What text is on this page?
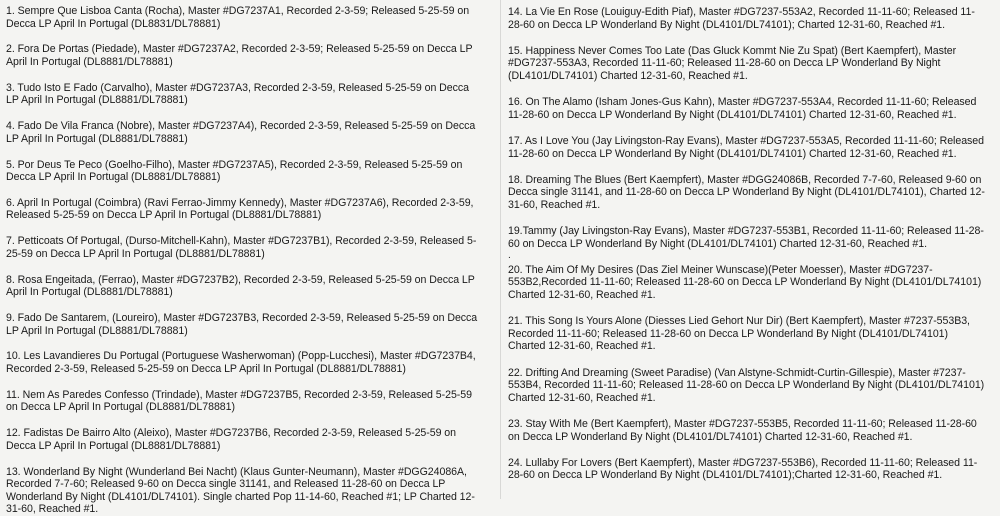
1. Sempre Que Lisboa Canta (Rocha), Master #DG7237A1, Recorded 2-3-59; Released 5-25-59 on Decca LP April In Portugal (DL8831/DL78881)

2. Fora De Portas (Piedade), Master #DG7237A2, Recorded 2-3-59; Released 5-25-59 on Decca LP April In Portugal (DL8881/DL78881)

3. Tudo Isto E Fado (Carvalho), Master #DG7237A3, Recorded 2-3-59, Released 5-25-59 on Decca LP April In Portugal (DL8881/DL78881)

4. Fado De Vila Franca (Nobre), Master #DG7237A4), Recorded 2-3-59, Released 5-25-59 on Decca LP April In Portugal (DL8881/DL78881)

5. Por Deus Te Peco (Goelho-Filho), Master #DG7237A5), Recorded 2-3-59, Released 5-25-59 on Decca LP April In Portugal (DL8881/DL78881)

6. April In Portugal (Coimbra) (Ravi Ferrao-Jimmy Kennedy), Master #DG7237A6), Recorded 2-3-59, Released 5-25-59 on Decca LP April In Portugal (DL8881/DL78881)

7. Petticoats Of Portugal, (Durso-Mitchell-Kahn), Master #DG7237B1), Recorded 2-3-59, Released 5-25-59 on Decca LP April In Portugal (DL8881/DL78881)

8. Rosa Engeitada, (Ferrao), Master #DG7237B2), Recorded 2-3-59, Released 5-25-59 on Decca LP April In Portugal (DL8881/DL78881)

9. Fado De Santarem, (Loureiro), Master #DG7237B3, Recorded 2-3-59, Released 5-25-59 on Decca LP April In Portugal (DL8881/DL78881)

10. Les Lavandieres Du Portugal (Portuguese Washerwoman) (Popp-Lucchesi), Master #DG7237B4, Recorded 2-3-59, Released 5-25-59 on Decca LP April In Portugal (DL8881/DL78881)

11. Nem As Paredes Confesso (Trindade), Master #DG7237B5, Recorded 2-3-59, Released 5-25-59 on Decca LP April In Portugal (DL8881/DL78881)

12. Fadistas De Bairro Alto (Aleixo), Master #DG7237B6, Recorded 2-3-59, Released 5-25-59 on Decca LP April In Portugal (DL8881/DL78881)

13. Wonderland By Night (Wunderland Bei Nacht) (Klaus Gunter-Neumann), Master #DGG24086A, Recorded 7-7-60; Released 9-60 on Decca single 31141, and Released 11-28-60 on Decca LP Wonderland By Night (DL4101/DL74101). Single charted Pop 11-14-60, Reached #1; LP Charted 12-31-60, Reached #1.

14. La Vie En Rose (Louiguy-Edith Piaf), Master #DG7237-553A2, Recorded 11-11-60; Released 11-28-60 on Decca LP Wonderland By Night (DL4101/DL74101); Charted 12-31-60, Reached #1.

15. Happiness Never Comes Too Late (Das Gluck Kommt Nie Zu Spat) (Bert Kaempfert), Master #DG7237-553A3, Recorded 11-11-60; Released 11-28-60 on Decca LP Wonderland By Night (DL4101/DL74101) Charted 12-31-60, Reached #1.

16. On The Alamo (Isham Jones-Gus Kahn), Master #DG7237-553A4, Recorded 11-11-60; Released 11-28-60 on Decca LP Wonderland By Night (DL4101/DL74101) Charted 12-31-60, Reached #1.

17. As I Love You (Jay Livingston-Ray Evans), Master #DG7237-553A5, Recorded 11-11-60; Released 11-28-60 on Decca LP Wonderland By Night (DL4101/DL74101) Charted 12-31-60, Reached #1.

18. Dreaming The Blues (Bert Kaempfert), Master #DGG24086B, Recorded 7-7-60, Released 9-60 on Decca single 31141, and 11-28-60 on Decca LP Wonderland By Night (DL4101/DL74101), Charted 12-31-60, Reached #1.

19.Tammy (Jay Livingston-Ray Evans), Master #DG7237-553B1, Recorded 11-11-60; Released 11-28-60 on Decca LP Wonderland By Night (DL4101/DL74101) Charted 12-31-60, Reached #1.

.

20. The Aim Of My Desires (Das Ziel Meiner Wunscase)(Peter Moesser), Master #DG7237-553B2,Recorded 11-11-60; Released 11-28-60 on Decca LP Wonderland By Night (DL4101/DL74101) Charted 12-31-60, Reached #1.

21. This Song Is Yours Alone (Diesses Lied Gehort Nur Dir) (Bert Kaempfert), Master #7237-553B3, Recorded 11-11-60; Released 11-28-60 on Decca LP Wonderland By Night (DL4101/DL74101) Charted 12-31-60, Reached #1.

22. Drifting And Dreaming (Sweet Paradise) (Van Alstyne-Schmidt-Curtin-Gillespie), Master #7237-553B4, Recorded 11-11-60; Released 11-28-60 on Decca LP Wonderland By Night (DL4101/DL74101) Charted 12-31-60, Reached #1.

23. Stay With Me (Bert Kaempfert), Master #DG7237-553B5, Recorded 11-11-60; Released 11-28-60 on Decca LP Wonderland By Night (DL4101/DL74101) Charted 12-31-60, Reached #1.

24. Lullaby For Lovers (Bert Kaempfert), Master #DG7237-553B6), Recorded 11-11-60; Released 11-28-60 on Decca LP Wonderland By Night (DL4101/DL74101);Charted 12-31-60, Reached #1.
